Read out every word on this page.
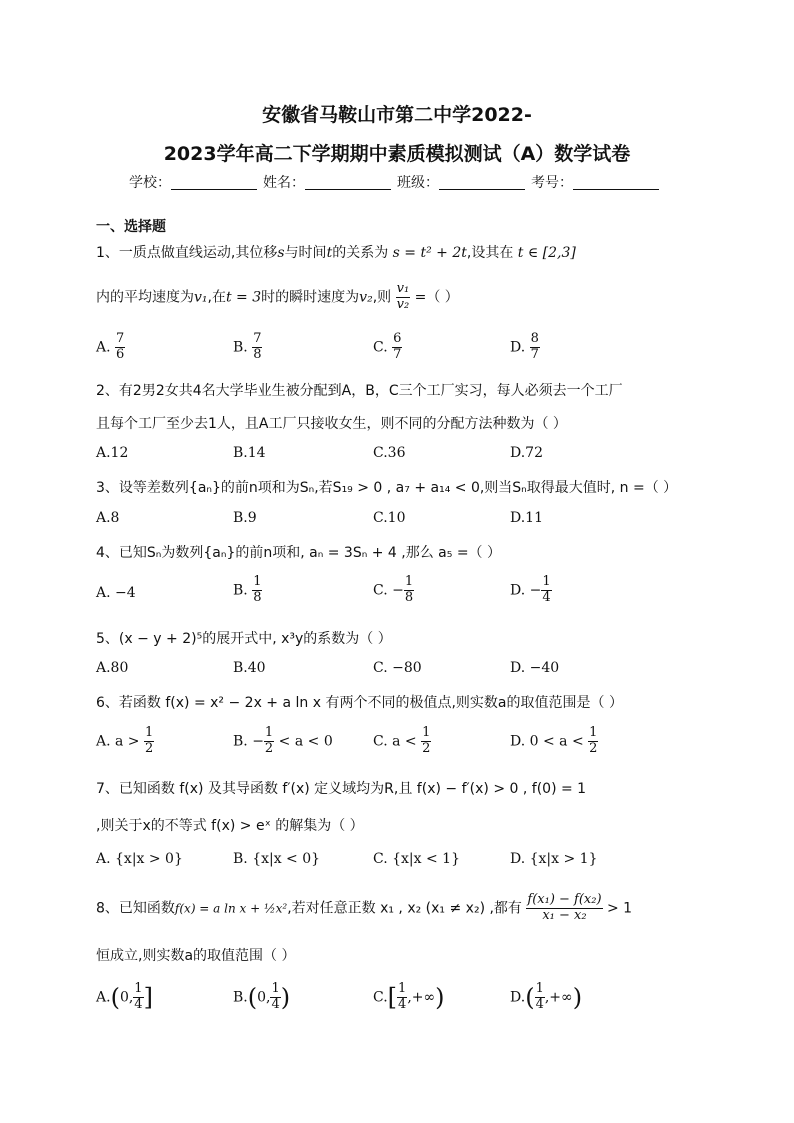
安徽省马鞍山市第二中学2022-
2023学年高二下学期期中素质模拟测试（A）数学试卷
学校：	姓名：	班级：	考号：
一、选择题
1、一质点做直线运动,其位移s与时间t的关系为 s = t² + 2t,设其在 t ∈ [2,3]
内的平均速度为v₁,在t = 3时的瞬时速度为v₂,则 $\frac{\text{v₁}}{\text{v₂}}$ =（ ）
A. $\frac{7}{6}$	B. $\frac{7}{8}$	C. $\frac{6}{7}$	D. $\frac{8}{7}$
2、有2男2女共4名大学毕业生被分配到A，B，C三个工厂实习，每人必须去一个工厂
且每个工厂至少去1人，且A工厂只接收女生，则不同的分配方法种数为（ ）
A.12	B.14	C.36	D.72
3、设等差数列{aₙ}的前n项和为Sₙ,若S₁₉ > 0 , a₇ + a₁₄ < 0,则当Sₙ取得最大值时, n =（ ）
A.8	B.9	C.10	D.11
4、已知Sₙ为数列{aₙ}的前n项和, aₙ = 3Sₙ + 4 ,那么 a₅ =（ ）
A. −4	B. $\frac{1}{8}$	C. − $\frac{1}{8}$	D. − $\frac{1}{4}$
5、(x − y + 2)⁵的展开式中, x³y的系数为（ ）
A.80	B.40	C. −80	D. −40
6、若函数 f(x) = x² − 2x + a ln x 有两个不同的极值点,则实数a的取值范围是（ ）
A. $a > \frac{1}{2}$	B. − $\frac{1}{2} < a < 0$	C. $a < \frac{1}{2}$	D. $0 < a < \frac{1}{2}$
7、已知函数 f(x) 及其导函数 f′(x) 定义域均为R,且 f(x) − f′(x) > 0 , f(0) = 1
,则关于x的不等式 f(x) > eˣ 的解集为（ ）
A. {x|x > 0}	B. {x|x < 0}	C. {x|x < 1}	D. {x|x > 1}
8、已知函数f(x) = a ln x + ½x²,若对任意正数 x₁ , x₂ (x₁ ≠ x₂) ,都有 $\frac{\text{f(x₁) − f(x₂)}}{\text{x₁ − x₂}} > 1$
恒成立,则实数a的取值范围（ ）
A.(0, $\frac{1}{4}$ ]	B.(0, $\frac{1}{4}$ )	$C.[ \frac{1}{4}$ ,+∞)	$D.( \frac{1}{4}$ ,+∞)
